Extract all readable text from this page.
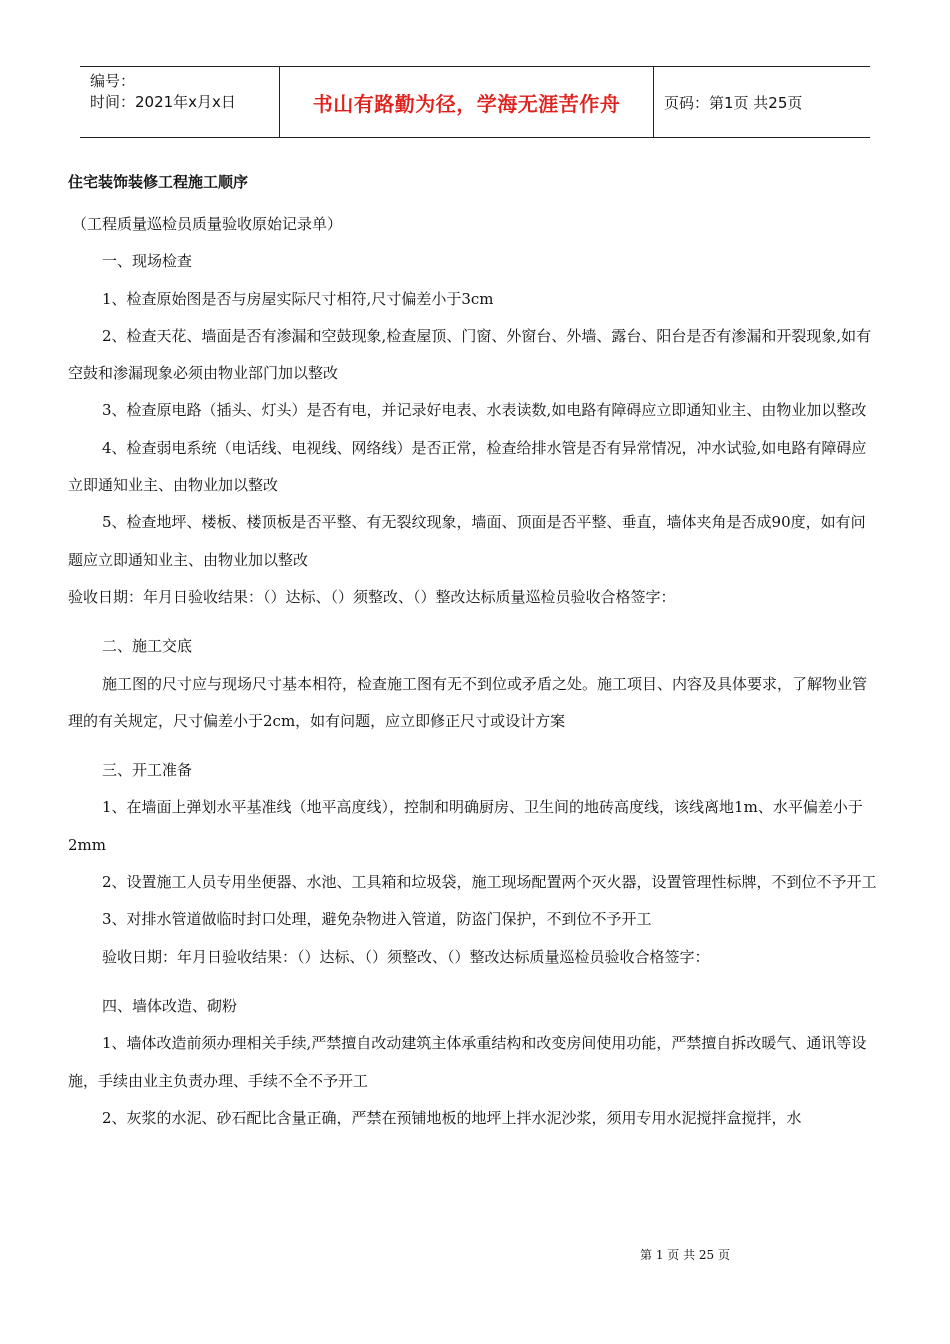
编号：
时间：2021年x月x日	书山有路勤为径，学海无涯苦作舟	页码：第1页 共25页

住宅装饰装修工程施工顺序

（工程质量巡检员质量验收原始记录单）

一、现场检查

1、检查原始图是否与房屋实际尺寸相符,尺寸偏差小于3cm

2、检查天花、墙面是否有渗漏和空鼓现象,检查屋顶、门窗、外窗台、外墙、露台、阳台是否有渗漏和开裂现象,如有空鼓和渗漏现象必须由物业部门加以整改

3、检查原电路（插头、灯头）是否有电，并记录好电表、水表读数,如电路有障碍应立即通知业主、由物业加以整改

4、检查弱电系统（电话线、电视线、网络线）是否正常，检查给排水管是否有异常情况，冲水试验,如电路有障碍应立即通知业主、由物业加以整改

5、检查地坪、楼板、楼顶板是否平整、有无裂纹现象，墙面、顶面是否平整、垂直，墙体夹角是否成90度，如有问题应立即通知业主、由物业加以整改

验收日期：年月日验收结果：（）达标、（）须整改、（）整改达标质量巡检员验收合格签字：

二、施工交底

施工图的尺寸应与现场尺寸基本相符，检查施工图有无不到位或矛盾之处。施工项目、内容及具体要求，了解物业管理的有关规定，尺寸偏差小于2cm，如有问题，应立即修正尺寸或设计方案

三、开工准备

1、在墙面上弹划水平基准线（地平高度线），控制和明确厨房、卫生间的地砖高度线，该线离地1m、水平偏差小于2mm

2、设置施工人员专用坐便器、水池、工具箱和垃圾袋，施工现场配置两个灭火器，设置管理性标牌，不到位不予开工

3、对排水管道做临时封口处理，避免杂物进入管道，防盗门保护，不到位不予开工

验收日期：年月日验收结果：（）达标、（）须整改、（）整改达标质量巡检员验收合格签字：

四、墙体改造、砌粉

1、墙体改造前须办理相关手续,严禁擅自改动建筑主体承重结构和改变房间使用功能，严禁擅自拆改暖气、通讯等设施，手续由业主负责办理、手续不全不予开工

2、灰浆的水泥、砂石配比含量正确，严禁在预铺地板的地坪上拌水泥沙浆，须用专用水泥搅拌盒搅拌，水

第 1 页 共 25 页
